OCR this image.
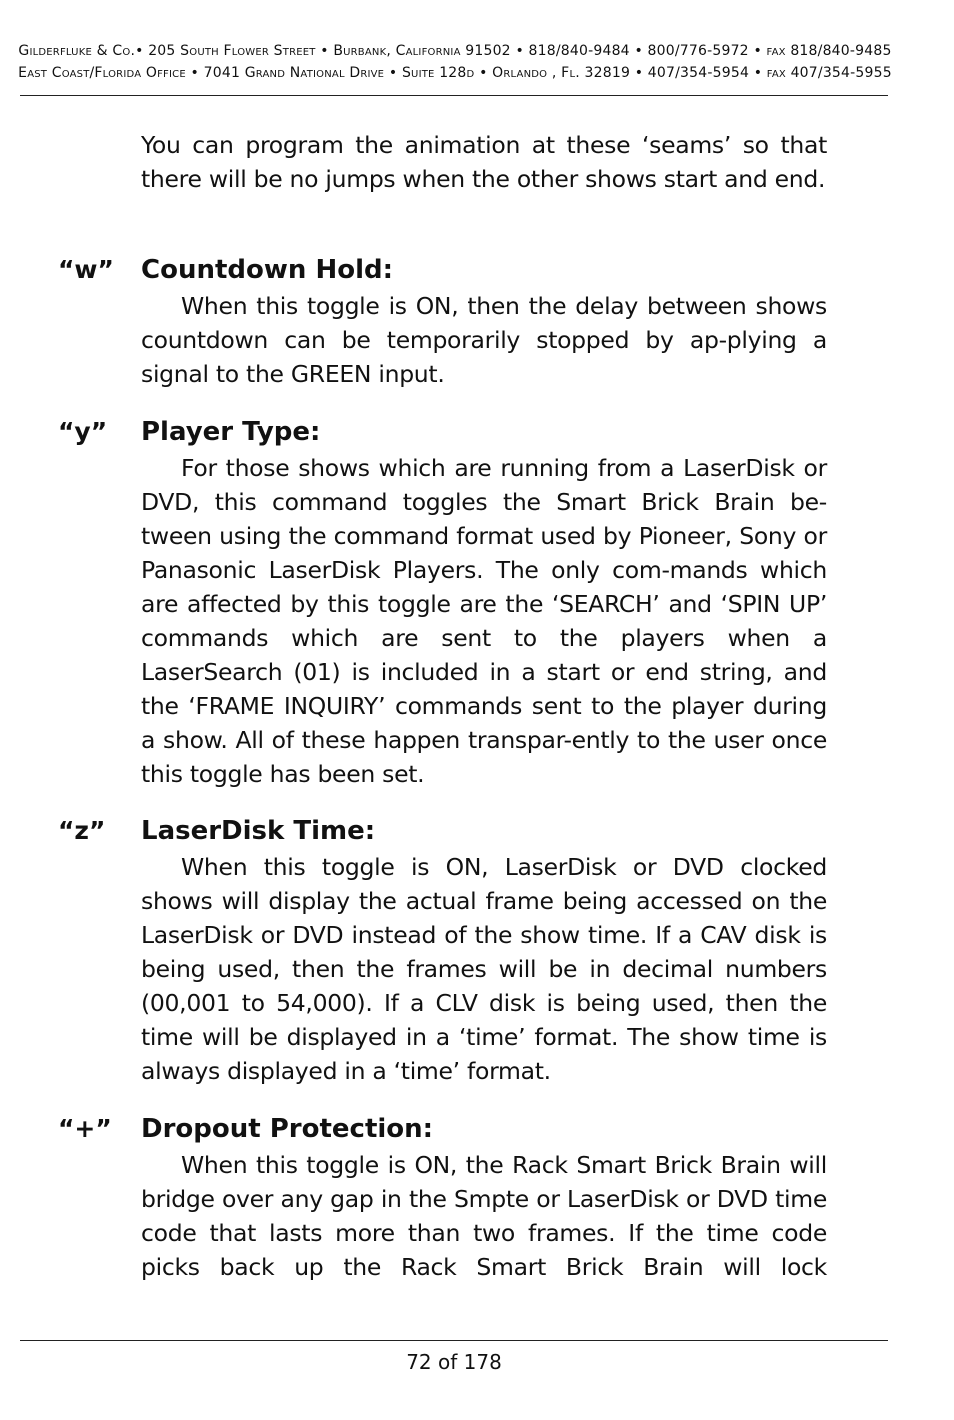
Gilderfluke & Co.• 205 South Flower Street • Burbank, California 91502 • 818/840-9484 • 800/776-5972 • fax 818/840-9485
East Coast/Florida Office • 7041 Grand National Drive • Suite 128d • Orlando , Fl. 32819 • 407/354-5954 • fax 407/354-5955

You can program the animation at these ‘seams’ so that there will be no jumps when the other shows start and end.

“w” Countdown Hold:

When this toggle is ON, then the delay between shows countdown can be temporarily stopped by ap-plying a signal to the GREEN input.

“y” Player Type:

For those shows which are running from a LaserDisk or DVD, this command toggles the Smart Brick Brain be-tween using the command format used by Pioneer, Sony or Panasonic LaserDisk Players. The only com-mands which are affected by this toggle are the ‘SEARCH’ and ‘SPIN UP’ commands which are sent to the players when a LaserSearch (01) is included in a start or end string, and the ‘FRAME INQUIRY’ commands sent to the player during a show. All of these happen transpar-ently to the user once this toggle has been set.

“z” LaserDisk Time:

When this toggle is ON, LaserDisk or DVD clocked shows will display the actual frame being accessed on the LaserDisk or DVD instead of the show time. If a CAV disk is being used, then the frames will be in decimal numbers (00,001 to 54,000). If a CLV disk is being used, then the time will be displayed in a ‘time’ format. The show time is always displayed in a ‘time’ format.

“+” Dropout Protection:

When this toggle is ON, the Rack Smart Brick Brain will bridge over any gap in the Smpte or LaserDisk or DVD time code that lasts more than two frames. If the time code picks back up the Rack Smart Brick Brain will lock

72 of 178
